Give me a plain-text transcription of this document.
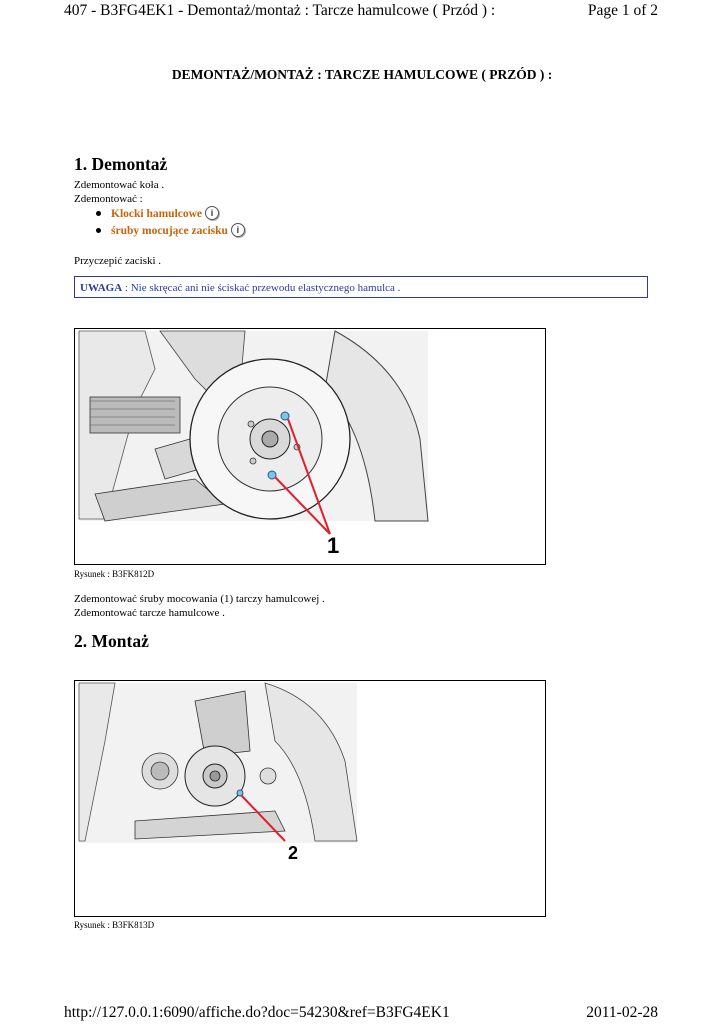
407 - B3FG4EK1 - Demontaż/montaż : Tarcze hamulcowe ( Przód ) :	Page 1 of 2
DEMONTAŻ/MONTAŻ : TARCZE HAMULCOWE ( PRZÓD ) :
1. Demontaż
Zdemontować koła .
Zdemontować :
Klocki hamulcowe i
śruby mocujące zacisku i
Przyczepić zaciski .
UWAGA : Nie skręcać ani nie ściskać przewodu elastycznego hamulca .
1
Rysunek : B3FK812D
Zdemontować śruby mocowania (1) tarczy hamulcowej .
Zdemontować tarcze hamulcowe .
2. Montaż
2
Rysunek : B3FK813D
http://127.0.0.1:6090/affiche.do?doc=54230&ref=B3FG4EK1	2011-02-28
